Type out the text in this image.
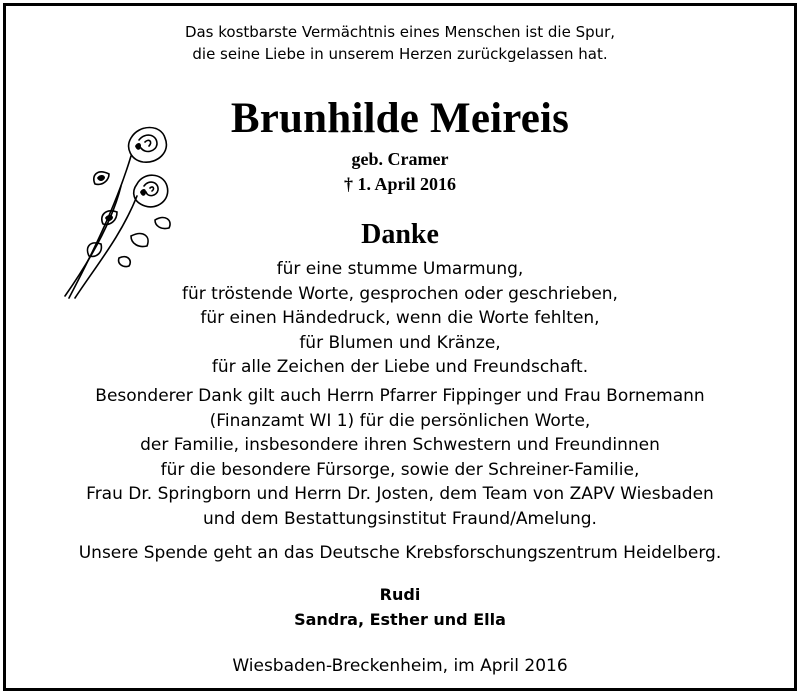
Das kostbarste Vermächtnis eines Menschen ist die Spur,
die seine Liebe in unserem Herzen zurückgelassen hat.
Brunhilde Meireis
geb. Cramer
† 1. April 2016
Danke
für eine stumme Umarmung,
für tröstende Worte, gesprochen oder geschrieben,
für einen Händedruck, wenn die Worte fehlten,
für Blumen und Kränze,
für alle Zeichen der Liebe und Freundschaft.
Besonderer Dank gilt auch Herrn Pfarrer Fippinger und Frau Bornemann
(Finanzamt WI 1) für die persönlichen Worte,
der Familie, insbesondere ihren Schwestern und Freundinnen
für die besondere Fürsorge, sowie der Schreiner-Familie,
Frau Dr. Springborn und Herrn Dr. Josten, dem Team von ZAPV Wiesbaden
und dem Bestattungsinstitut Fraund/Amelung.
Unsere Spende geht an das Deutsche Krebsforschungszentrum Heidelberg.
Rudi
Sandra, Esther und Ella
Wiesbaden-Breckenheim, im April 2016
